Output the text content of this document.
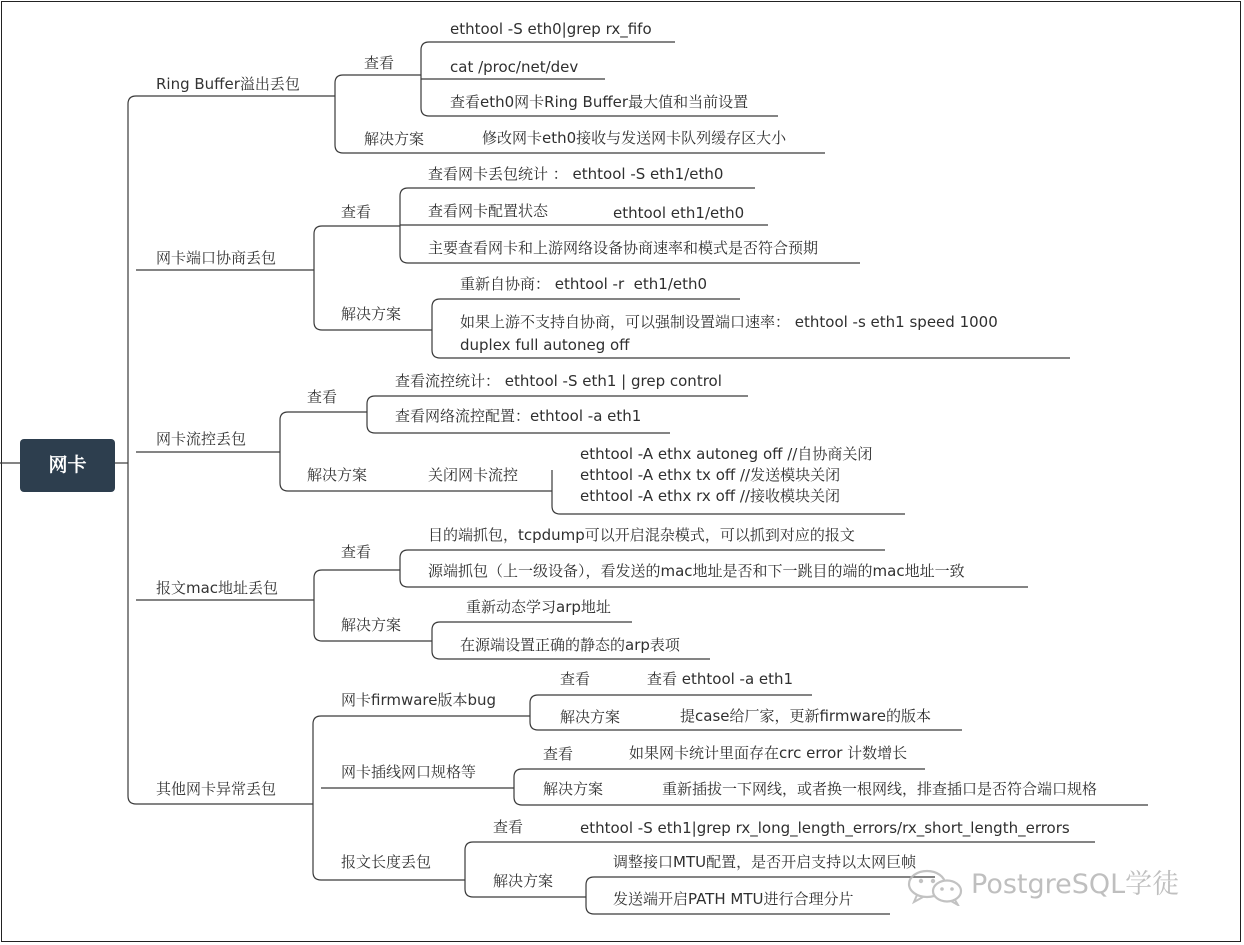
网卡
Ring Buffer溢出丢包
查看
ethtool -S eth0|grep rx_fifo
cat /proc/net/dev
查看eth0网卡Ring Buffer最大值和当前设置
解决方案	修改网卡eth0接收与发送网卡队列缓存区大小
网卡端口协商丢包
查看
查看网卡丢包统计 ： ethtool -S eth1/eth0
查看网卡配置状态	ethtool eth1/eth0
主要查看网卡和上游网络设备协商速率和模式是否符合预期
解决方案
重新自协商： ethtool -r  eth1/eth0
如果上游不支持自协商，可以强制设置端口速率： ethtool -s eth1 speed 1000
duplex full autoneg off
网卡流控丢包
查看
查看流控统计： ethtool -S eth1 | grep control
查看网络流控配置：ethtool -a eth1
解决方案	关闭网卡流控
ethtool -A ethx autoneg off //自协商关闭
ethtool -A ethx tx off //发送模块关闭
ethtool -A ethx rx off //接收模块关闭
报文mac地址丢包
查看
目的端抓包，tcpdump可以开启混杂模式，可以抓到对应的报文
源端抓包（上一级设备），看发送的mac地址是否和下一跳目的端的mac地址一致
解决方案
重新动态学习arp地址
在源端设置正确的静态的arp表项
其他网卡异常丢包
网卡firmware版本bug
查看	查看 ethtool -a eth1
解决方案	提case给厂家，更新firmware的版本
网卡插线网口规格等
查看	如果网卡统计里面存在crc error 计数增长
解决方案	重新插拔一下网线，或者换一根网线，排查插口是否符合端口规格
报文长度丢包
查看	ethtool -S eth1|grep rx_long_length_errors/rx_short_length_errors
解决方案
调整接口MTU配置，是否开启支持以太网巨帧
发送端开启PATH MTU进行合理分片	PostgreSQL学徒
